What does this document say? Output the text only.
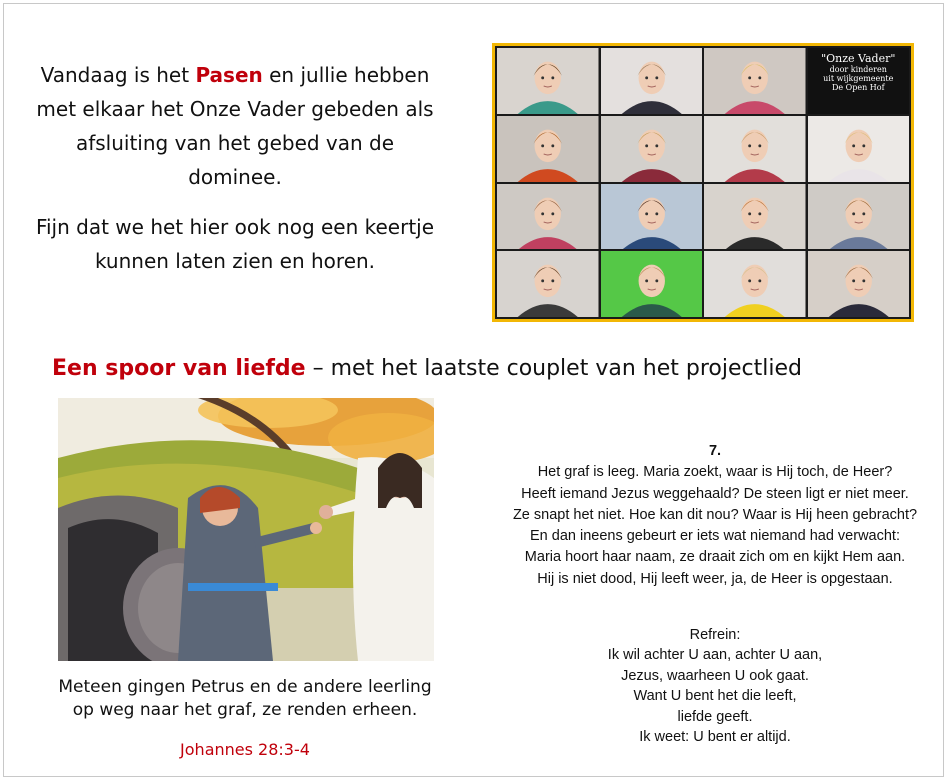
Vandaag is het Pasen en jullie hebben met elkaar het Onze Vader gebeden als afsluiting van het gebed van de dominee.

Fijn dat we het hier ook nog een keertje kunnen laten zien en horen.

"Onze Vader"
door kinderen
uit wijkgemeente
De Open Hof
Een spoor van liefde – met het laatste couplet van het projectlied
Meteen gingen Petrus en de andere leerling
op weg naar het graf, ze renden erheen.
Johannes 28:3-4
7.
Het graf is leeg. Maria zoekt, waar is Hij toch, de Heer?
Heeft iemand Jezus weggehaald? De steen ligt er niet meer.
Ze snapt het niet. Hoe kan dit nou? Waar is Hij heen gebracht?
En dan ineens gebeurt er iets wat niemand had verwacht:
Maria hoort haar naam, ze draait zich om en kijkt Hem aan.
Hij is niet dood, Hij leeft weer, ja, de Heer is opgestaan.
Refrein:
Ik wil achter U aan, achter U aan,
Jezus, waarheen U ook gaat.
Want U bent het die leeft,
liefde geeft.
Ik weet: U bent er altijd.
